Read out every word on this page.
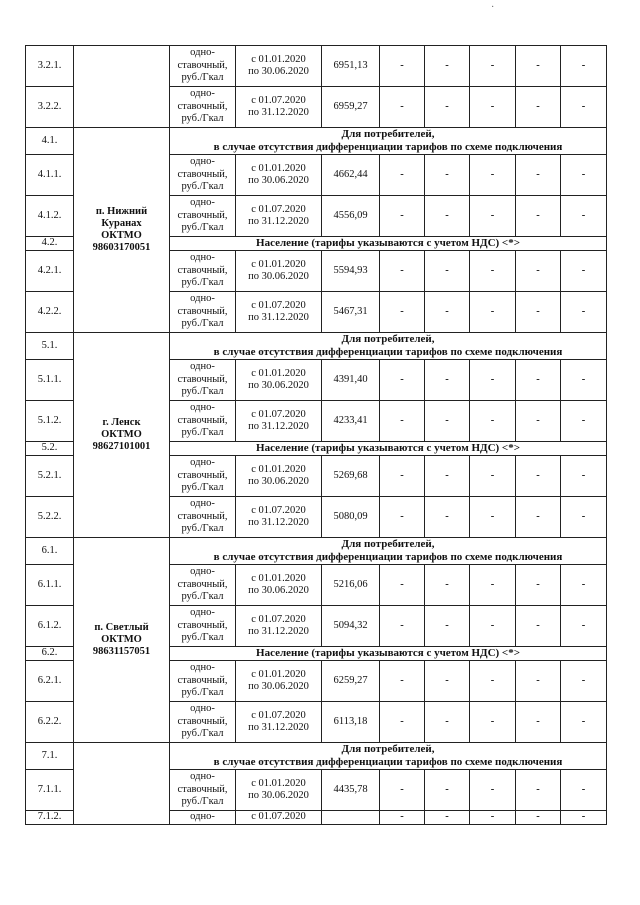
·
3.2.1.		одно-
ставочный,
руб./Гкал	с 01.01.2020
по 30.06.2020	6951,13	-	-	-	-	-
3.2.2.		одно-
ставочный,
руб./Гкал	с 01.07.2020
по 31.12.2020	6959,27	-	-	-	-	-
4.1.	п. Нижний
Куранах
ОКТМО
98603170051	Для потребителей,
в случае отсутствия дифференциации тарифов по схеме подключения							

4.1.1.		одно-
ставочный,
руб./Гкал	с 01.01.2020
по 30.06.2020	4662,44	-	-	-	-	-
4.1.2.		одно-
ставочный,
руб./Гкал	с 01.07.2020
по 31.12.2020	4556,09	-	-	-	-	-
4.2.		Население (тарифы указываются с учетом НДС) <*>							

4.2.1.		одно-
ставочный,
руб./Гкал	с 01.01.2020
по 30.06.2020	5594,93	-	-	-	-	-
4.2.2.		одно-
ставочный,
руб./Гкал	с 01.07.2020
по 31.12.2020	5467,31	-	-	-	-	-
5.1.	г. Ленск
ОКТМО
98627101001	Для потребителей,
в случае отсутствия дифференциации тарифов по схеме подключения							

5.1.1.		одно-
ставочный,
руб./Гкал	с 01.01.2020
по 30.06.2020	4391,40	-	-	-	-	-
5.1.2.		одно-
ставочный,
руб./Гкал	с 01.07.2020
по 31.12.2020	4233,41	-	-	-	-	-
5.2.		Население (тарифы указываются с учетом НДС) <*>							

5.2.1.		одно-
ставочный,
руб./Гкал	с 01.01.2020
по 30.06.2020	5269,68	-	-	-	-	-
5.2.2.		одно-
ставочный,
руб./Гкал	с 01.07.2020
по 31.12.2020	5080,09	-	-	-	-	-
6.1.	п. Светлый
ОКТМО
98631157051	Для потребителей,
в случае отсутствия дифференциации тарифов по схеме подключения							

6.1.1.		одно-
ставочный,
руб./Гкал	с 01.01.2020
по 30.06.2020	5216,06	-	-	-	-	-
6.1.2.		одно-
ставочный,
руб./Гкал	с 01.07.2020
по 31.12.2020	5094,32	-	-	-	-	-
6.2.		Население (тарифы указываются с учетом НДС) <*>							

6.2.1.		одно-
ставочный,
руб./Гкал	с 01.01.2020
по 30.06.2020	6259,27	-	-	-	-	-
6.2.2.		одно-
ставочный,
руб./Гкал	с 01.07.2020
по 31.12.2020	6113,18	-	-	-	-	-
7.1.		Для потребителей,
в случае отсутствия дифференциации тарифов по схеме подключения							

7.1.1.		одно-
ставочный,
руб./Гкал	с 01.01.2020
по 30.06.2020	4435,78	-	-	-	-	-
7.1.2.		одно-	с 01.07.2020		-	-	-	-	-
